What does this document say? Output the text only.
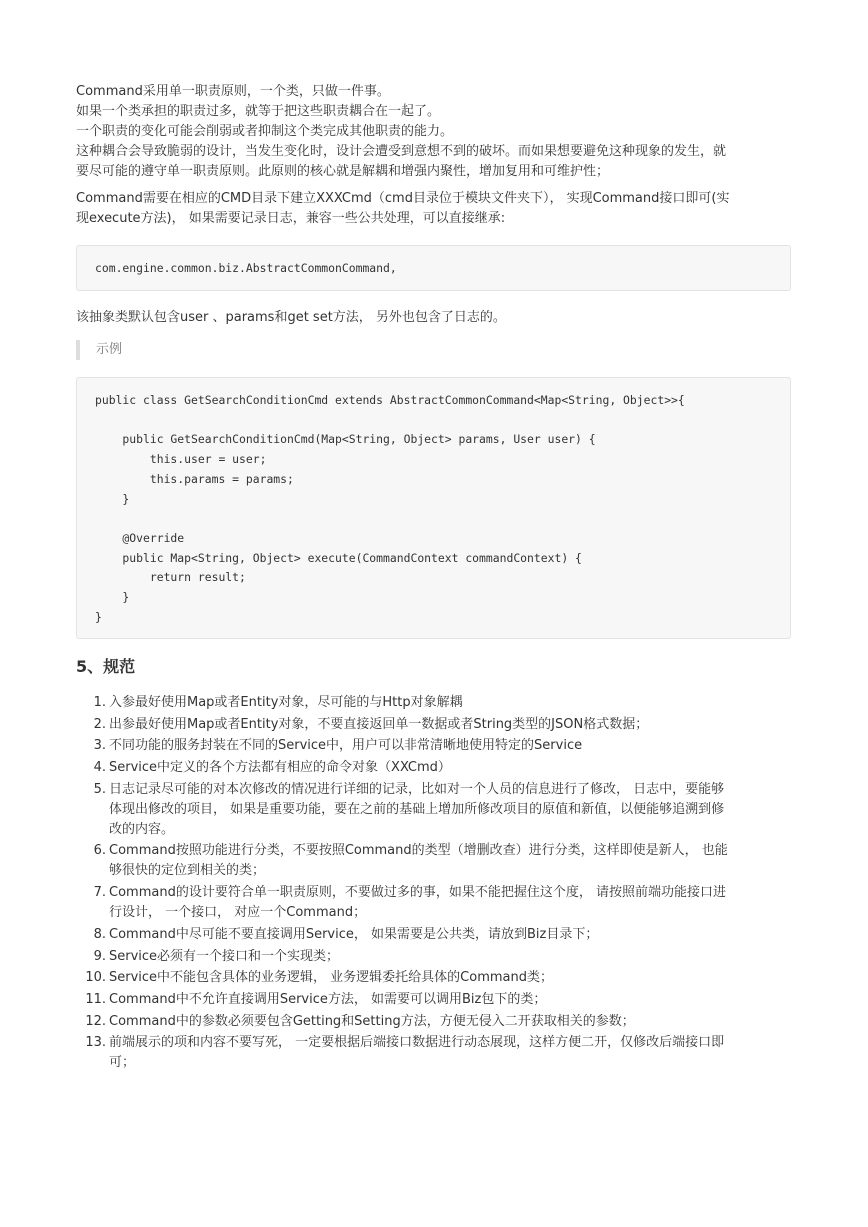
Command采用单一职责原则，一个类，只做一件事。

如果一个类承担的职责过多，就等于把这些职责耦合在一起了。

一个职责的变化可能会削弱或者抑制这个类完成其他职责的能力。

这种耦合会导致脆弱的设计，当发生变化时，设计会遭受到意想不到的破坏。而如果想要避免这种现象的发生，就

要尽可能的遵守单一职责原则。此原则的核心就是解耦和增强内聚性，增加复用和可维护性；

Command需要在相应的CMD目录下建立XXXCmd（cmd目录位于模块文件夹下）， 实现Command接口即可(实

现execute方法)， 如果需要记录日志，兼容一些公共处理，可以直接继承:

com.engine.common.biz.AbstractCommonCommand,

该抽象类默认包含user 、params和get set方法， 另外也包含了日志的。

示例
public class GetSearchConditionCmd extends AbstractCommonCommand<Map<String, Object>>{

public GetSearchConditionCmd(Map<String, Object> params, User user) {
this.user = user;
this.params = params;
}

@Override
public Map<String, Object> execute(CommandContext commandContext) {
return result;
}
}
5、规范
1. 入参最好使用Map或者Entity对象，尽可能的与Http对象解耦
2. 出参最好使用Map或者Entity对象，不要直接返回单一数据或者String类型的JSON格式数据；
3. 不同功能的服务封装在不同的Service中，用户可以非常清晰地使用特定的Service
4. Service中定义的各个方法都有相应的命令对象（XXCmd）
5. 日志记录尽可能的对本次修改的情况进行详细的记录，比如对一个人员的信息进行了修改， 日志中，要能够
体现出修改的项目， 如果是重要功能，要在之前的基础上增加所修改项目的原值和新值，以便能够追溯到修
改的内容。
6. Command按照功能进行分类，不要按照Command的类型（增删改查）进行分类，这样即使是新人， 也能
够很快的定位到相关的类；
7. Command的设计要符合单一职责原则，不要做过多的事，如果不能把握住这个度， 请按照前端功能接口进
行设计， 一个接口， 对应一个Command；
8. Command中尽可能不要直接调用Service， 如果需要是公共类，请放到Biz目录下；
9. Service必须有一个接口和一个实现类；
10. Service中不能包含具体的业务逻辑， 业务逻辑委托给具体的Command类；
11. Command中不允许直接调用Service方法， 如需要可以调用Biz包下的类；
12. Command中的参数必须要包含Getting和Setting方法，方便无侵入二开获取相关的参数；
13. 前端展示的项和内容不要写死， 一定要根据后端接口数据进行动态展现，这样方便二开，仅修改后端接口即
可；
